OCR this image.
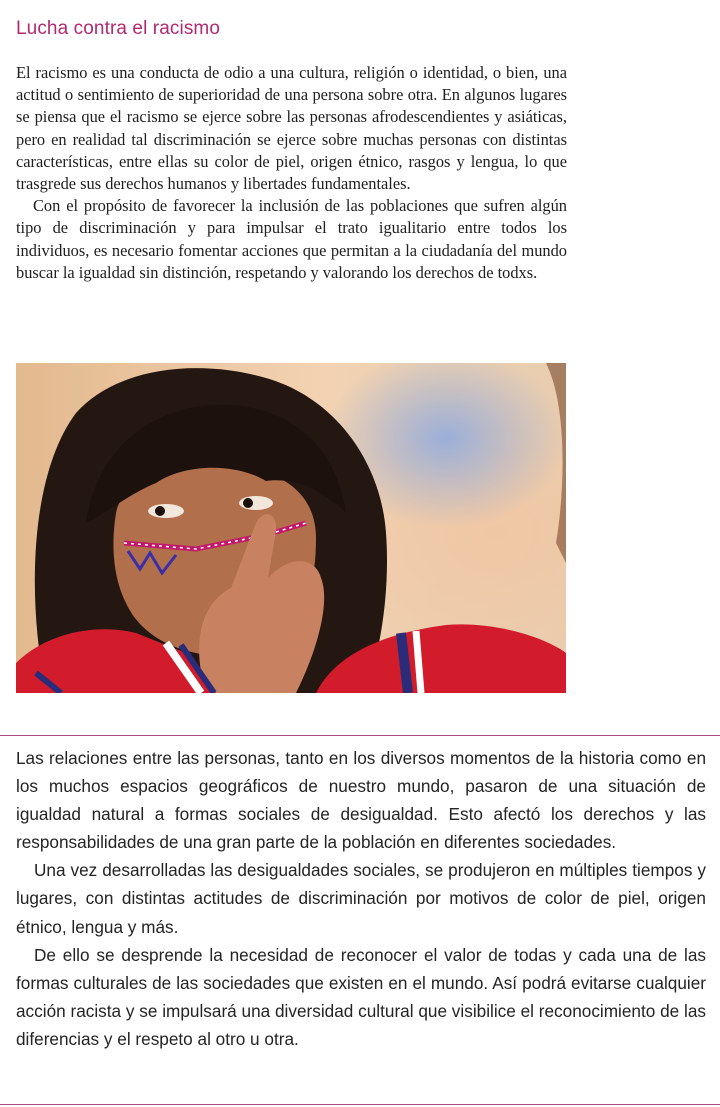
Lucha contra el racismo

El racismo es una conducta de odio a una cultura, religión o identidad, o bien, una actitud o sentimiento de superioridad de una persona sobre otra. En algunos lugares se piensa que el racismo se ejerce sobre las personas afrodescendientes y asiáticas, pero en realidad tal discriminación se ejerce sobre muchas personas con distintas características, entre ellas su color de piel, origen étnico, rasgos y lengua, lo que trasgrede sus derechos humanos y libertades fundamentales.

Con el propósito de favorecer la inclusión de las poblaciones que sufren algún tipo de discriminación y para impulsar el trato igualitario entre todos los individuos, es necesario fomentar acciones que permitan a la ciudadanía del mundo buscar la igualdad sin distinción, respetando y valorando los derechos de todxs.

Las relaciones entre las personas, tanto en los diversos momentos de la historia como en los muchos espacios geográficos de nuestro mundo, pasaron de una situación de igualdad natural a formas sociales de desigualdad. Esto afectó los derechos y las responsabilidades de una gran parte de la población en diferentes sociedades.

Una vez desarrolladas las desigualdades sociales, se produjeron en múltiples tiempos y lugares, con distintas actitudes de discriminación por motivos de color de piel, origen étnico, lengua y más.

De ello se desprende la necesidad de reconocer el valor de todas y cada una de las formas culturales de las sociedades que existen en el mundo. Así podrá evitarse cualquier acción racista y se impulsará una diversidad cultural que visibilice el reconocimiento de las diferencias y el respeto al otro u otra.
